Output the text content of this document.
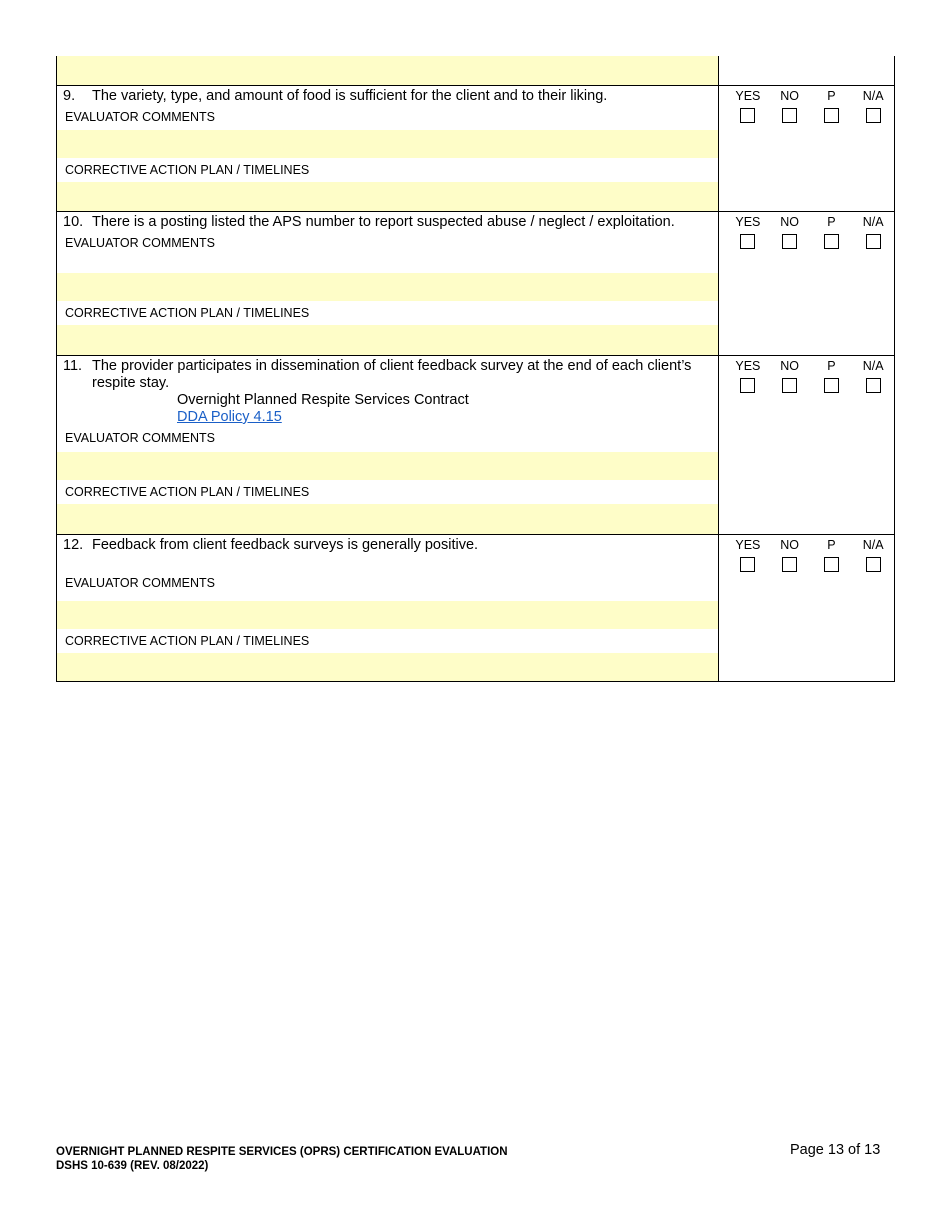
9.	The variety, type, and amount of food is sufficient for the client and to their liking.
EVALUATOR COMMENTS
YES	NO	P	N/A
CORRECTIVE ACTION PLAN / TIMELINES
10. There is a posting listed the APS number to report suspected abuse / neglect / exploitation.
EVALUATOR COMMENTS
YES	NO	P	N/A
CORRECTIVE ACTION PLAN / TIMELINES
11. The provider participates in dissemination of client feedback survey at the end of each client’s respite stay.
Overnight Planned Respite Services Contract
DDA Policy 4.15
EVALUATOR COMMENTS
YES	NO	P	N/A
CORRECTIVE ACTION PLAN / TIMELINES
12. Feedback from client feedback surveys is generally positive.
EVALUATOR COMMENTS
YES	NO	P	N/A
CORRECTIVE ACTION PLAN / TIMELINES
OVERNIGHT PLANNED RESPITE SERVICES (OPRS) CERTIFICATION EVALUATION
DSHS 10-639 (REV. 08/2022)
Page 13 of 13
